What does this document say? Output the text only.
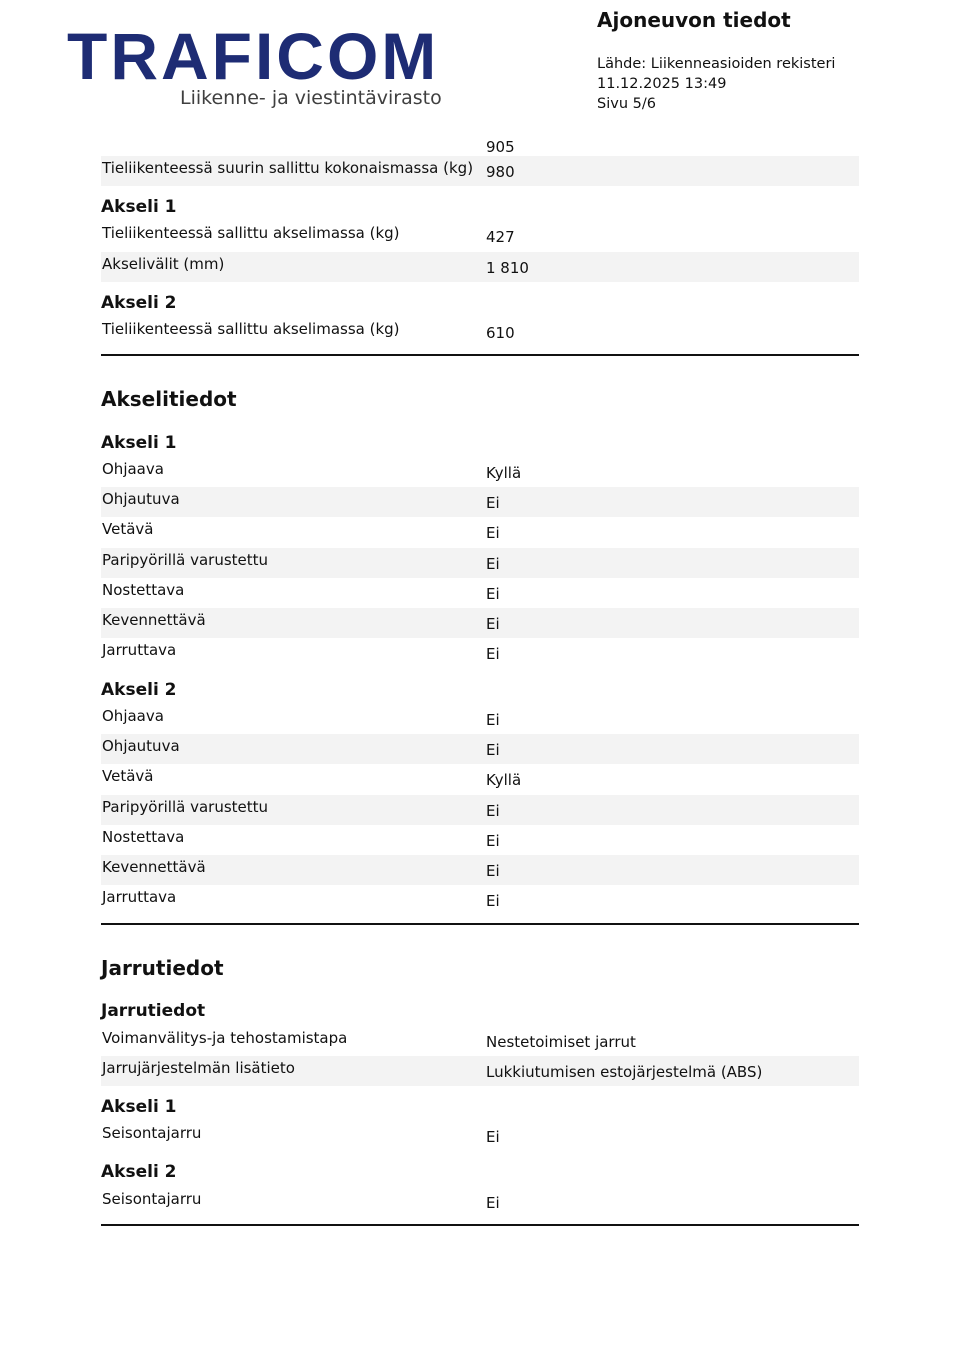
TRAFICOM
Liikenne- ja viestintävirasto
Ajoneuvon tiedot
Lähde: Liikenneasioiden rekisteri
11.12.2025 13:49
Sivu 5/6
905
Tieliikenteessä suurin sallittu kokonaismassa (kg) 980
Akseli 1
Tieliikenteessä sallittu akselimassa (kg)	427
Akselivälit (mm)	1 810
Akseli 2
Tieliikenteessä sallittu akselimassa (kg)	610
Akselitiedot
Akseli 1
Ohjaava	Kyllä
Ohjautuva	Ei
Vetävä	Ei
Paripyörillä varustettu	Ei
Nostettava	Ei
Kevennettävä	Ei
Jarruttava	Ei
Akseli 2
Ohjaava	Ei
Ohjautuva	Ei
Vetävä	Kyllä
Paripyörillä varustettu	Ei
Nostettava	Ei
Kevennettävä	Ei
Jarruttava	Ei
Jarrutiedot
Jarrutiedot
Voimanvälitys-ja tehostamistapa	Nestetoimiset jarrut
Jarrujärjestelmän lisätieto	Lukkiutumisen estojärjestelmä (ABS)
Akseli 1
Seisontajarru	Ei
Akseli 2
Seisontajarru	Ei
